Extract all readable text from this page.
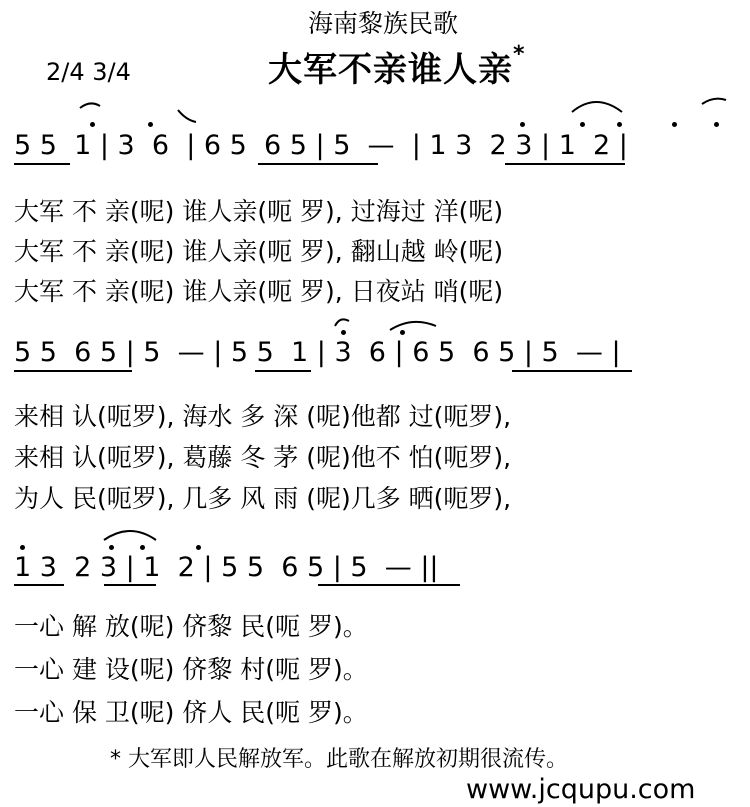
海南黎族民歌
大军不亲谁人亲*
2/4 3/4
5 5  1 | 3  6  | 6 5  6 5 | 5  —  | 1 3  2 3 | 1  2 |
大军 不 亲(呢) 谁人亲(呃 罗), 过海过 洋(呢)
大军 不 亲(呢) 谁人亲(呃 罗), 翻山越 岭(呢)
大军 不 亲(呢) 谁人亲(呃 罗), 日夜站 哨(呢)
5 5  6 5 | 5  — | 5 5  1 | 3  6 | 6 5  6 5 | 5  — |
来相 认(呃罗), 海水 多 深 (呢)他都 过(呃罗),
来相 认(呃罗), 葛藤 冬 茅 (呢)他不 怕(呃罗),
为人 民(呃罗), 几多 风 雨 (呢)几多 晒(呃罗),
1 3  2 3 | 1  2 | 5 5  6 5 | 5  — ||
一心 解 放(呢) 侪黎 民(呃 罗)。
一心 建 设(呢) 侪黎 村(呃 罗)。
一心 保 卫(呢) 侪人 民(呃 罗)。
* 大军即人民解放军。此歌在解放初期很流传。
www.jcqupu.com
